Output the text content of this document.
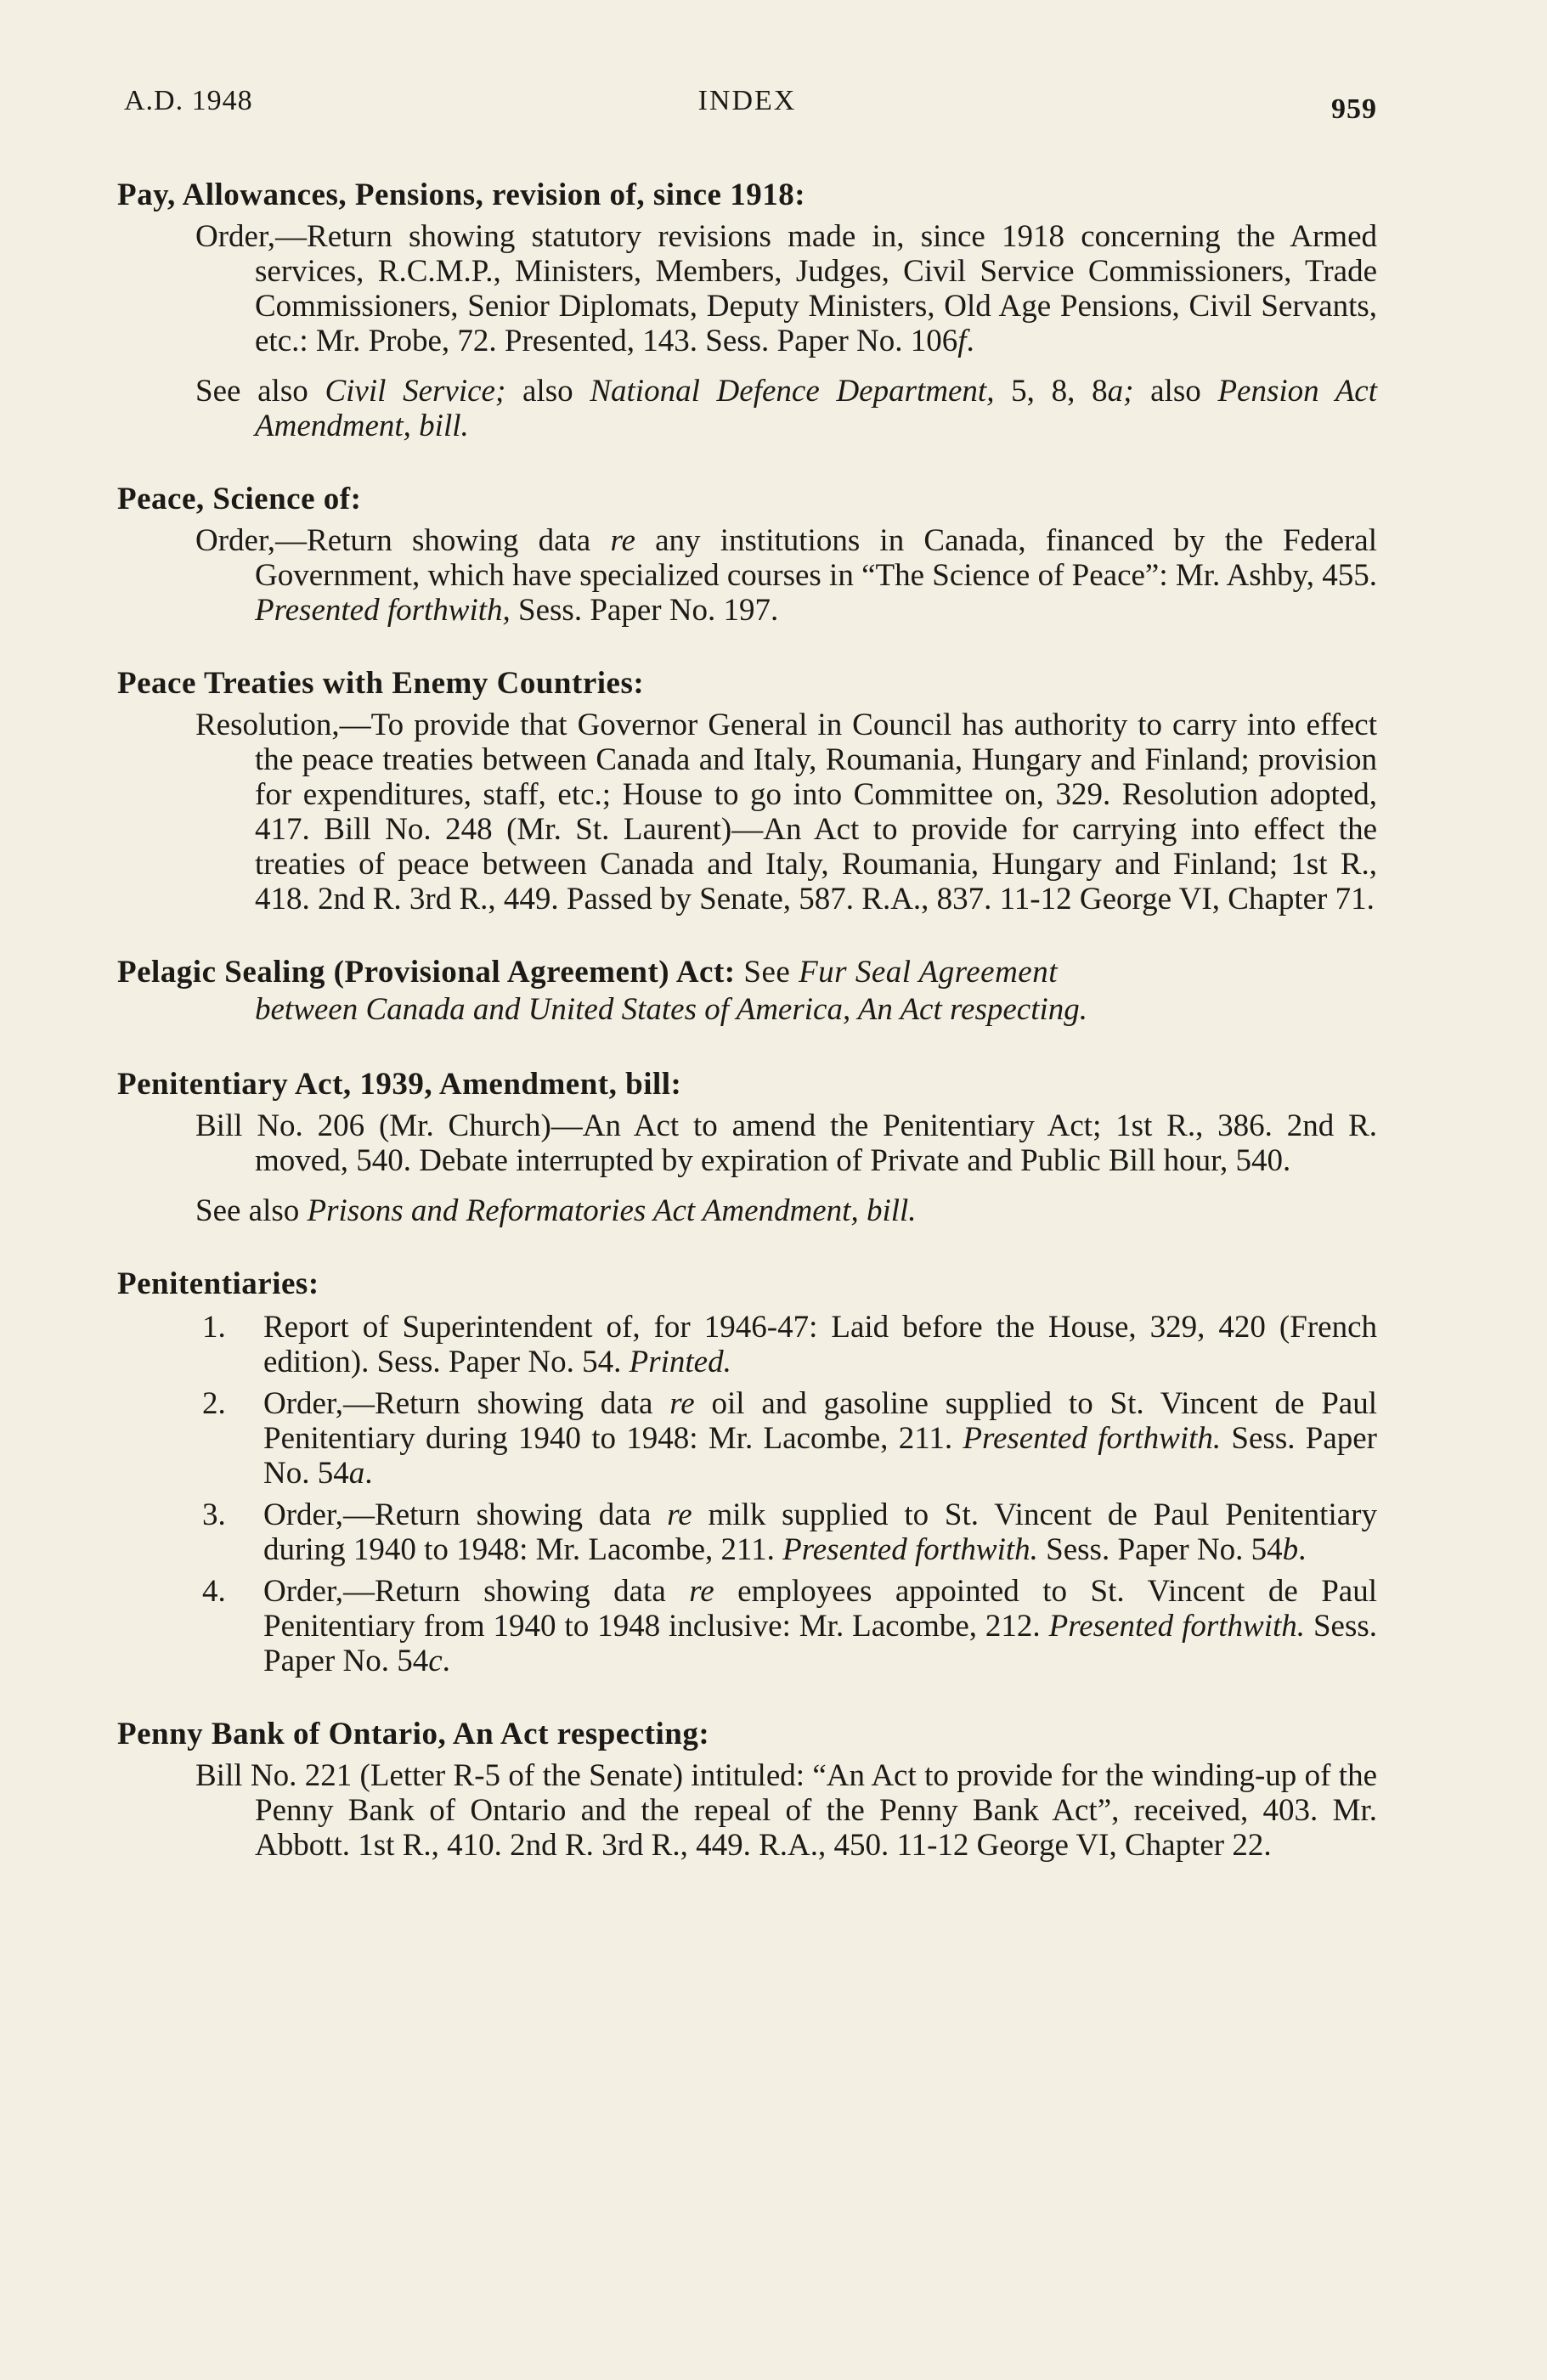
A.D. 1948	INDEX	959
Pay, Allowances, Pensions, revision of, since 1918:

Order,—Return showing statutory revisions made in, since 1918 concerning the Armed services, R.C.M.P., Ministers, Members, Judges, Civil Service Commissioners, Trade Commissioners, Senior Diplomats, Deputy Ministers, Old Age Pensions, Civil Servants, etc.: Mr. Probe, 72. Presented, 143. Sess. Paper No. 106f.

See also Civil Service; also National Defence Department, 5, 8, 8a; also Pension Act Amendment, bill.

Peace, Science of:

Order,—Return showing data re any institutions in Canada, financed by the Federal Government, which have specialized courses in “The Science of Peace”: Mr. Ashby, 455. Presented forthwith, Sess. Paper No. 197.

Peace Treaties with Enemy Countries:

Resolution,—To provide that Governor General in Council has authority to carry into effect the peace treaties between Canada and Italy, Roumania, Hungary and Finland; provision for expenditures, staff, etc.; House to go into Committee on, 329. Resolution adopted, 417. Bill No. 248 (Mr. St. Laurent)—An Act to provide for carrying into effect the treaties of peace between Canada and Italy, Roumania, Hungary and Finland; 1st R., 418. 2nd R. 3rd R., 449. Passed by Senate, 587. R.A., 837. 11-12 George VI, Chapter 71.

Pelagic Sealing (Provisional Agreement) Act: See Fur Seal Agreement
between Canada and United States of America, An Act respecting.
Penitentiary Act, 1939, Amendment, bill:

Bill No. 206 (Mr. Church)—An Act to amend the Penitentiary Act; 1st R., 386. 2nd R. moved, 540. Debate interrupted by expiration of Private and Public Bill hour, 540.

See also Prisons and Reformatories Act Amendment, bill.

Penitentiaries:
1.	Report of Superintendent of, for 1946-47: Laid before the House, 329, 420 (French edition). Sess. Paper No. 54. Printed.
2.	Order,—Return showing data re oil and gasoline supplied to St. Vincent de Paul Penitentiary during 1940 to 1948: Mr. Lacombe, 211. Presented forthwith. Sess. Paper No. 54a.
3.	Order,—Return showing data re milk supplied to St. Vincent de Paul Penitentiary during 1940 to 1948: Mr. Lacombe, 211. Presented forthwith. Sess. Paper No. 54b.
4.	Order,—Return showing data re employees appointed to St. Vincent de Paul Penitentiary from 1940 to 1948 inclusive: Mr. Lacombe, 212. Presented forthwith. Sess. Paper No. 54c.
Penny Bank of Ontario, An Act respecting:

Bill No. 221 (Letter R-5 of the Senate) intituled: “An Act to provide for the winding-up of the Penny Bank of Ontario and the repeal of the Penny Bank Act”, received, 403. Mr. Abbott. 1st R., 410. 2nd R. 3rd R., 449. R.A., 450. 11-12 George VI, Chapter 22.
